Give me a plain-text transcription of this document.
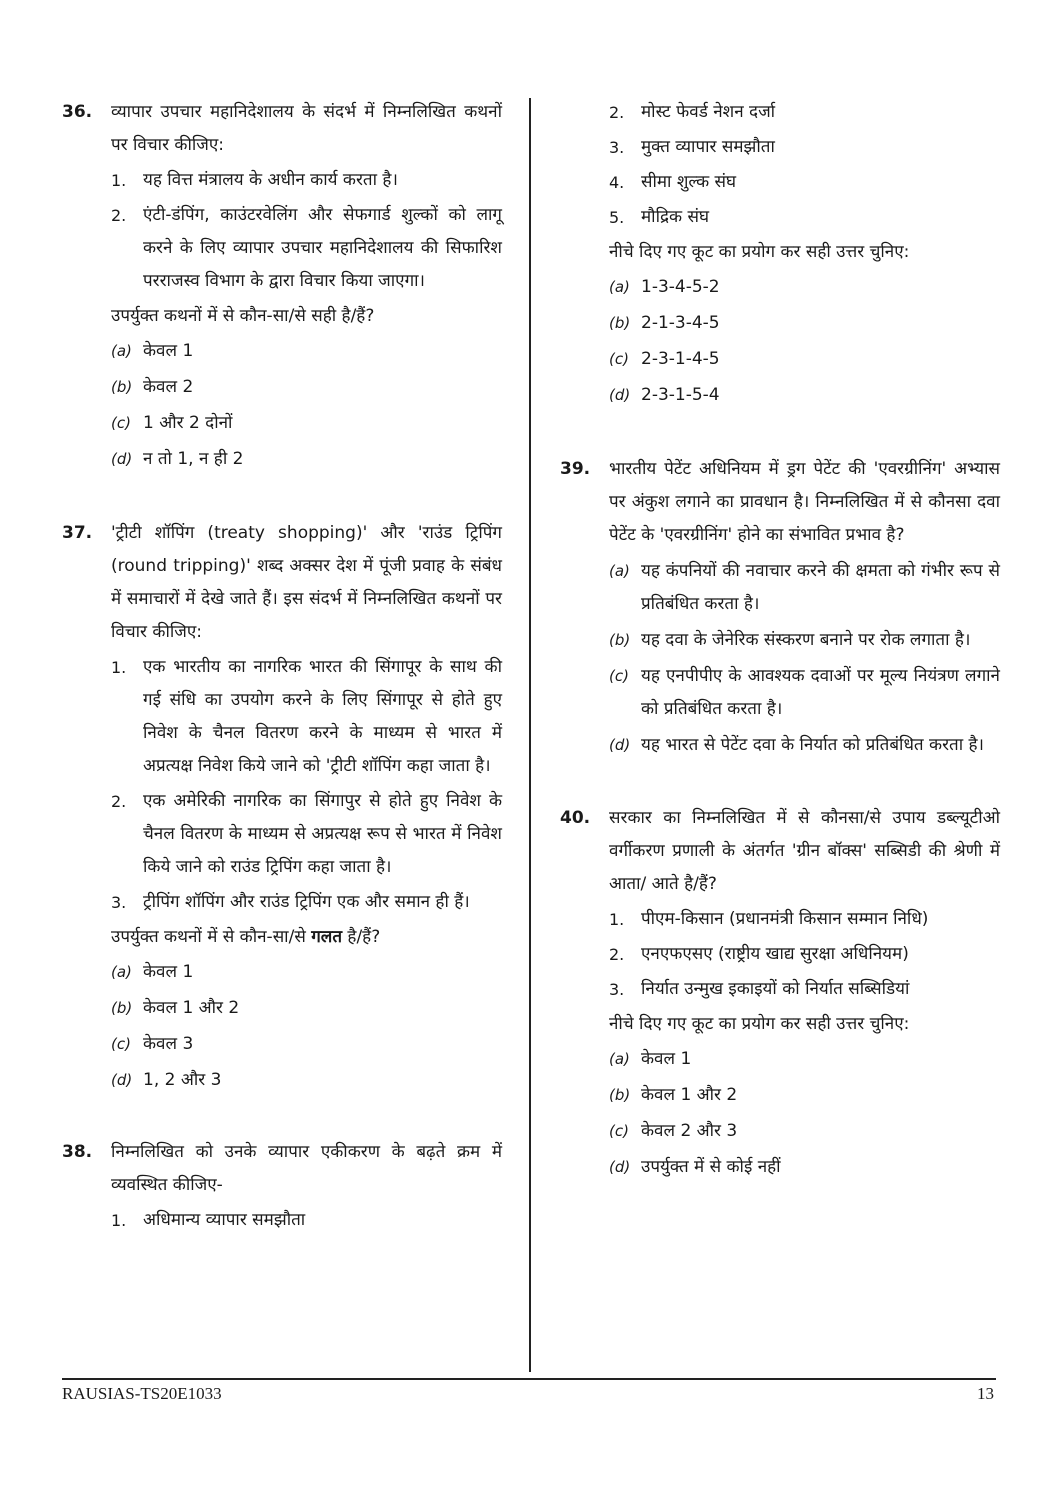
36. व्यापार उपचार महानिदेशालय के संदर्भ में निम्नलिखित कथनों पर विचार कीजिए:
1. यह वित्त मंत्रालय के अधीन कार्य करता है।
2. एंटी-डंपिंग, काउंटरवेलिंग और सेफगार्ड शुल्कों को लागू करने के लिए व्यापार उपचार महानिदेशालय की सिफारिश परराजस्व विभाग के द्वारा विचार किया जाएगा।
उपर्युक्त कथनों में से कौन-सा/से सही है/हैं?
(a) केवल 1
(b) केवल 2
(c) 1 और 2 दोनों
(d) न तो 1, न ही 2
37. 'ट्रीटी शॉपिंग (treaty shopping)' और 'राउंड ट्रिपिंग (round tripping)' शब्द अक्सर देश में पूंजी प्रवाह के संबंध में समाचारों में देखे जाते हैं। इस संदर्भ में निम्नलिखित कथनों पर विचार कीजिए:
1. एक भारतीय का नागरिक भारत की सिंगापूर के साथ की गई संधि का उपयोग करने के लिए सिंगापूर से होते हुए निवेश के चैनल वितरण करने के माध्यम से भारत में अप्रत्यक्ष निवेश किये जाने को 'ट्रीटी शॉपिंग कहा जाता है।
2. एक अमेरिकी नागरिक का सिंगापुर से होते हुए निवेश के चैनल वितरण के माध्यम से अप्रत्यक्ष रूप से भारत में निवेश किये जाने को राउंड ट्रिपिंग कहा जाता है।
3. ट्रीपिंग शॉपिंग और राउंड ट्रिपिंग एक और समान ही हैं।
उपर्युक्त कथनों में से कौन-सा/से गलत है/हैं?
(a) केवल 1
(b) केवल 1 और 2
(c) केवल 3
(d) 1, 2 और 3
38. निम्नलिखित को उनके व्यापार एकीकरण के बढ़ते क्रम में व्यवस्थित कीजिए-
1. अधिमान्य व्यापार समझौता
2. मोस्ट फेवर्ड नेशन दर्जा
3. मुक्त व्यापार समझौता
4. सीमा शुल्क संघ
5. मौद्रिक संघ
नीचे दिए गए कूट का प्रयोग कर सही उत्तर चुनिए:
(a) 1-3-4-5-2
(b) 2-1-3-4-5
(c) 2-3-1-4-5
(d) 2-3-1-5-4
39. भारतीय पेटेंट अधिनियम में ड्रग पेटेंट की 'एवरग्रीनिंग' अभ्यास पर अंकुश लगाने का प्रावधान है। निम्नलिखित में से कौनसा दवा पेटेंट के 'एवरग्रीनिंग' होने का संभावित प्रभाव है?
(a) यह कंपनियों की नवाचार करने की क्षमता को गंभीर रूप से प्रतिबंधित करता है।
(b) यह दवा के जेनेरिक संस्करण बनाने पर रोक लगाता है।
(c) यह एनपीपीए के आवश्यक दवाओं पर मूल्य नियंत्रण लगाने को प्रतिबंधित करता है।
(d) यह भारत से पेटेंट दवा के निर्यात को प्रतिबंधित करता है।
40. सरकार का निम्नलिखित में से कौनसा/से उपाय डब्ल्यूटीओ वर्गीकरण प्रणाली के अंतर्गत 'ग्रीन बॉक्स' सब्सिडी की श्रेणी में आता/ आते है/हैं?
1. पीएम-किसान (प्रधानमंत्री किसान सम्मान निधि)
2. एनएफएसए (राष्ट्रीय खाद्य सुरक्षा अधिनियम)
3. निर्यात उन्मुख इकाइयों को निर्यात सब्सिडियां
नीचे दिए गए कूट का प्रयोग कर सही उत्तर चुनिए:
(a) केवल 1
(b) केवल 1 और 2
(c) केवल 2 और 3
(d) उपर्युक्त में से कोई नहीं
RAUSIAS-TS20E1033	13
